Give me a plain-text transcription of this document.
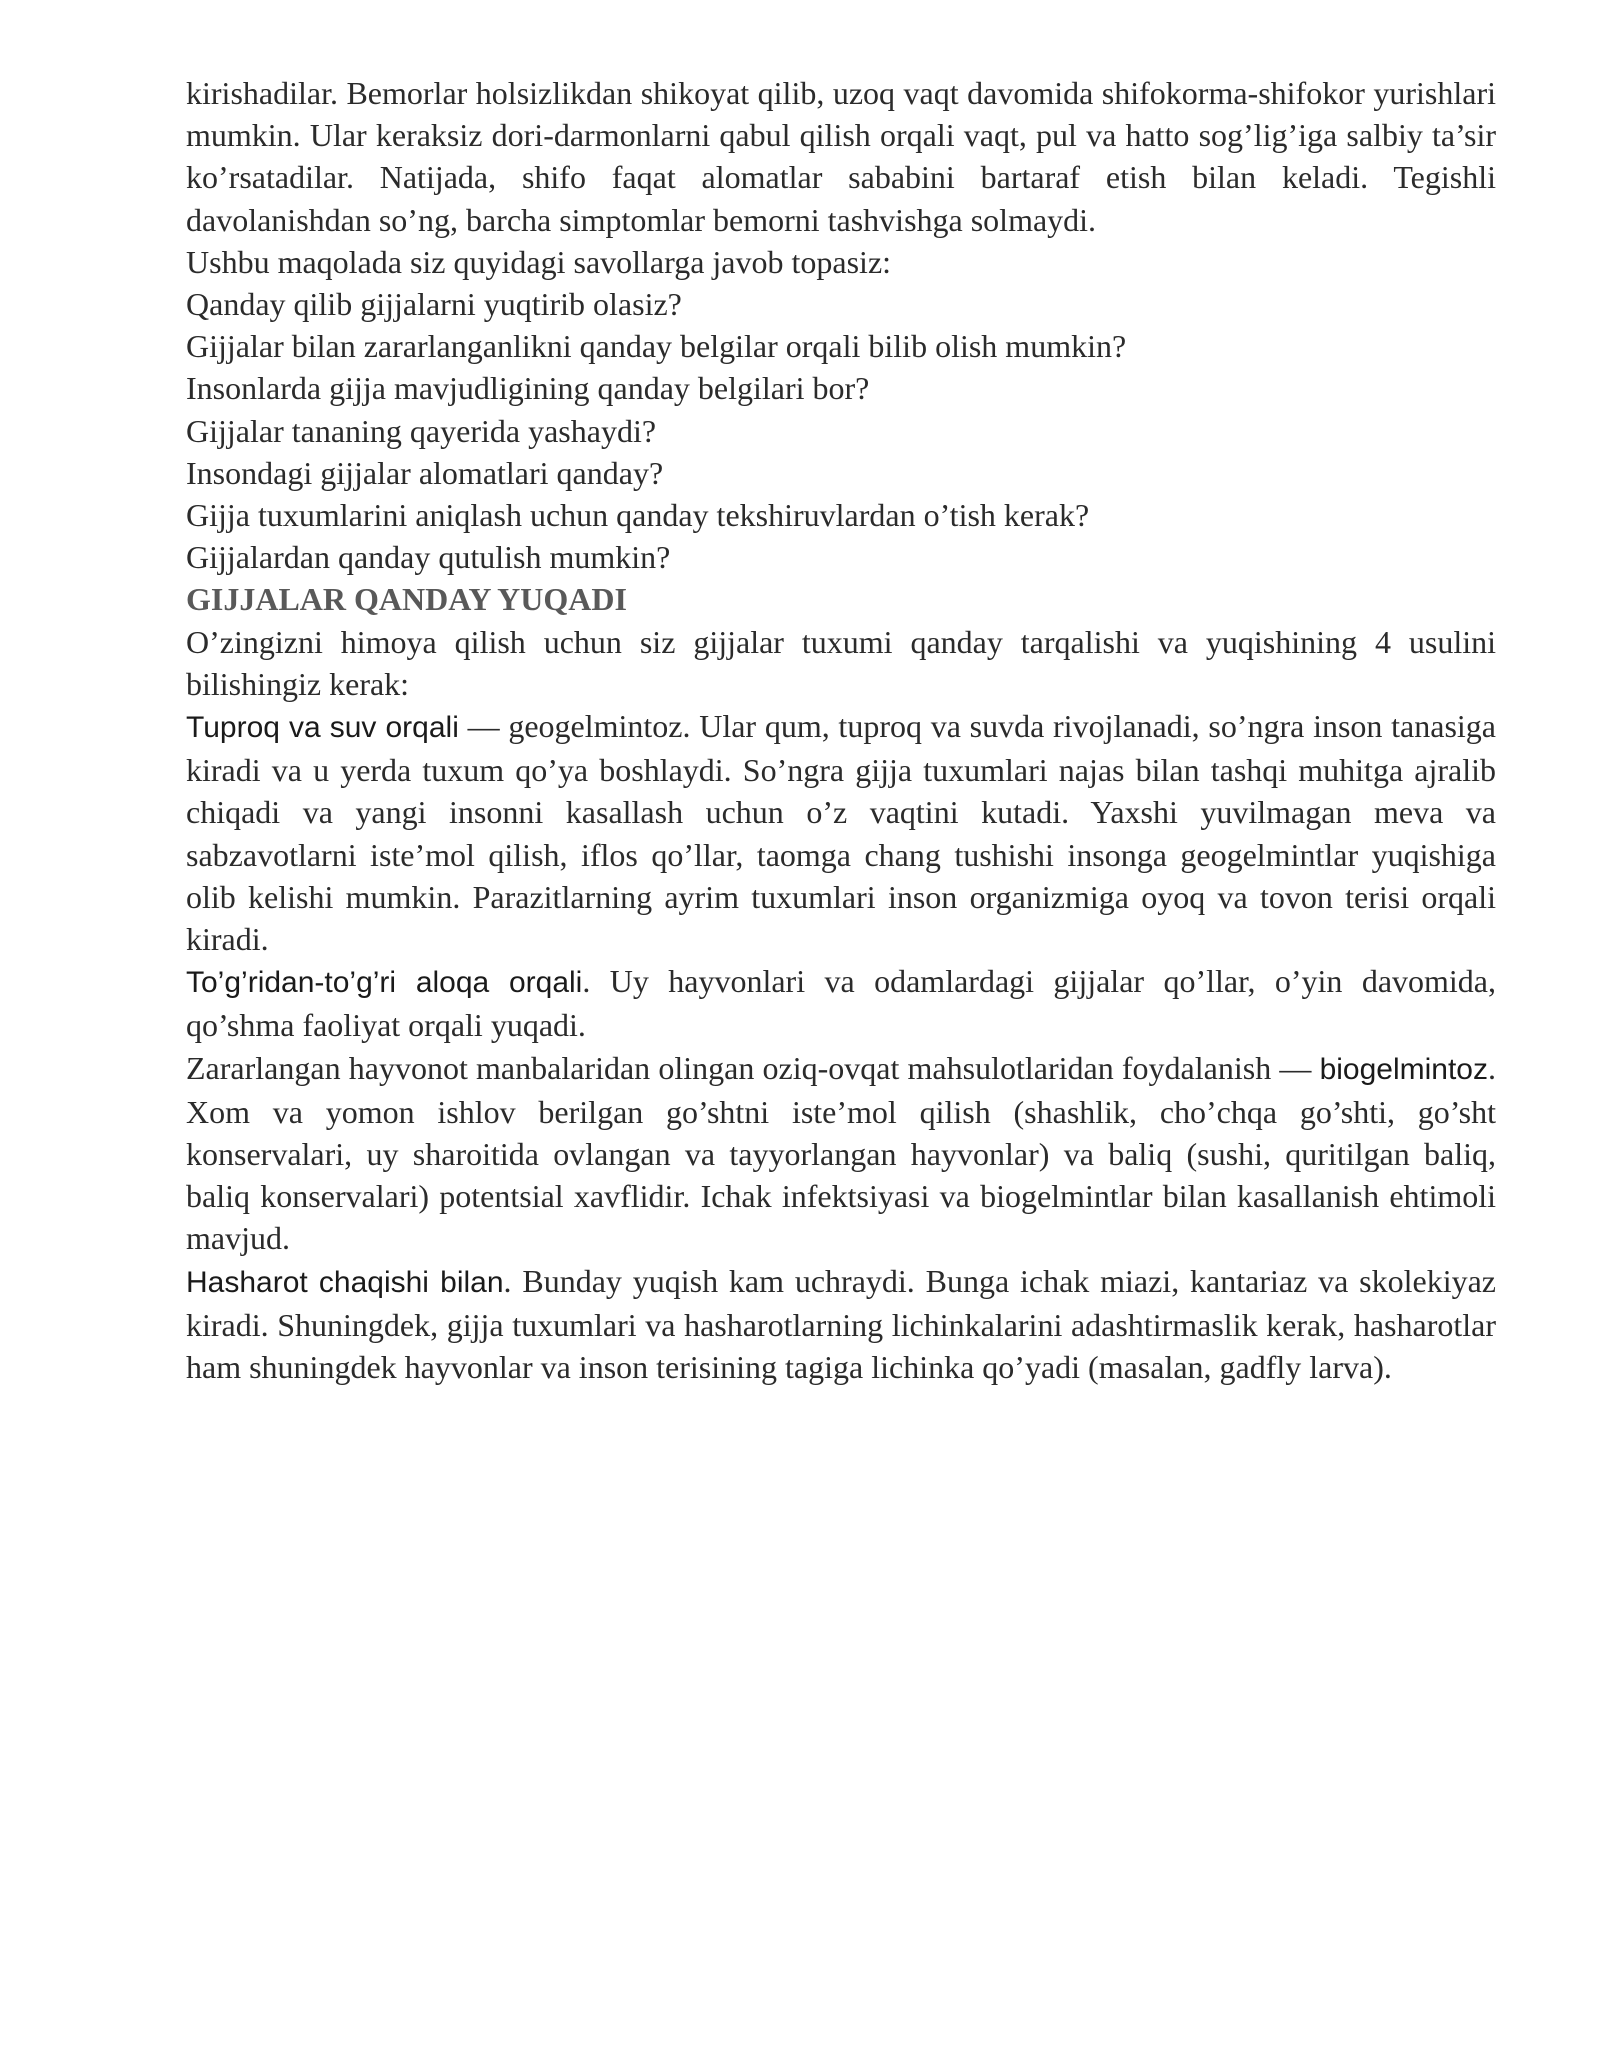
kirishadilar. Bemorlar holsizlikdan shikoyat qilib, uzoq vaqt davomida shifokorma-shifokor yurishlari mumkin. Ular keraksiz dori-darmonlarni qabul qilish orqali vaqt, pul va hatto sog’lig’iga salbiy ta’sir ko’rsatadilar. Natijada, shifo faqat alomatlar sababini bartaraf etish bilan keladi. Tegishli davolanishdan so’ng, barcha simptomlar bemorni tashvishga solmaydi.

Ushbu maqolada siz quyidagi savollarga javob topasiz:

Qanday qilib gijjalarni yuqtirib olasiz?

Gijjalar bilan zararlanganlikni qanday belgilar orqali bilib olish mumkin?

Insonlarda gijja mavjudligining qanday belgilari bor?

Gijjalar tananing qayerida yashaydi?

Insondagi gijjalar alomatlari qanday?

Gijja tuxumlarini aniqlash uchun qanday tekshiruvlardan o’tish kerak?

Gijjalardan qanday qutulish mumkin?

GIJJALAR QANDAY YUQADI

O’zingizni himoya qilish uchun siz gijjalar tuxumi qanday tarqalishi va yuqishining 4 usulini bilishingiz kerak:

Tuproq va suv orqali — geogelmintoz. Ular qum, tuproq va suvda rivojlanadi, so’ngra inson tanasiga kiradi va u yerda tuxum qo’ya boshlaydi. So’ngra gijja tuxumlari najas bilan tashqi muhitga ajralib chiqadi va yangi insonni kasallash uchun o’z vaqtini kutadi. Yaxshi yuvilmagan meva va sabzavotlarni iste’mol qilish, iflos qo’llar, taomga chang tushishi insonga geogelmintlar yuqishiga olib kelishi mumkin. Parazitlarning ayrim tuxumlari inson organizmiga oyoq va tovon terisi orqali kiradi.

To’g’ridan-to’g’ri aloqa orqali. Uy hayvonlari va odamlardagi gijjalar qo’llar, o’yin davomida, qo’shma faoliyat orqali yuqadi.

Zararlangan hayvonot manbalaridan olingan oziq-ovqat mahsulotlaridan foydalanish — biogelmintoz. Xom va yomon ishlov berilgan go’shtni iste’mol qilish (shashlik, cho’chqa go’shti, go’sht konservalari, uy sharoitida ovlangan va tayyorlangan hayvonlar) va baliq (sushi, quritilgan baliq, baliq konservalari) potentsial xavflidir. Ichak infektsiyasi va biogelmintlar bilan kasallanish ehtimoli mavjud.

Hasharot chaqishi bilan. Bunday yuqish kam uchraydi. Bunga ichak miazi, kantariaz va skolekiyaz kiradi. Shuningdek, gijja tuxumlari va hasharotlarning lichinkalarini adashtirmaslik kerak, hasharotlar ham shuningdek hayvonlar va inson terisining tagiga lichinka qo’yadi (masalan, gadfly larva).
